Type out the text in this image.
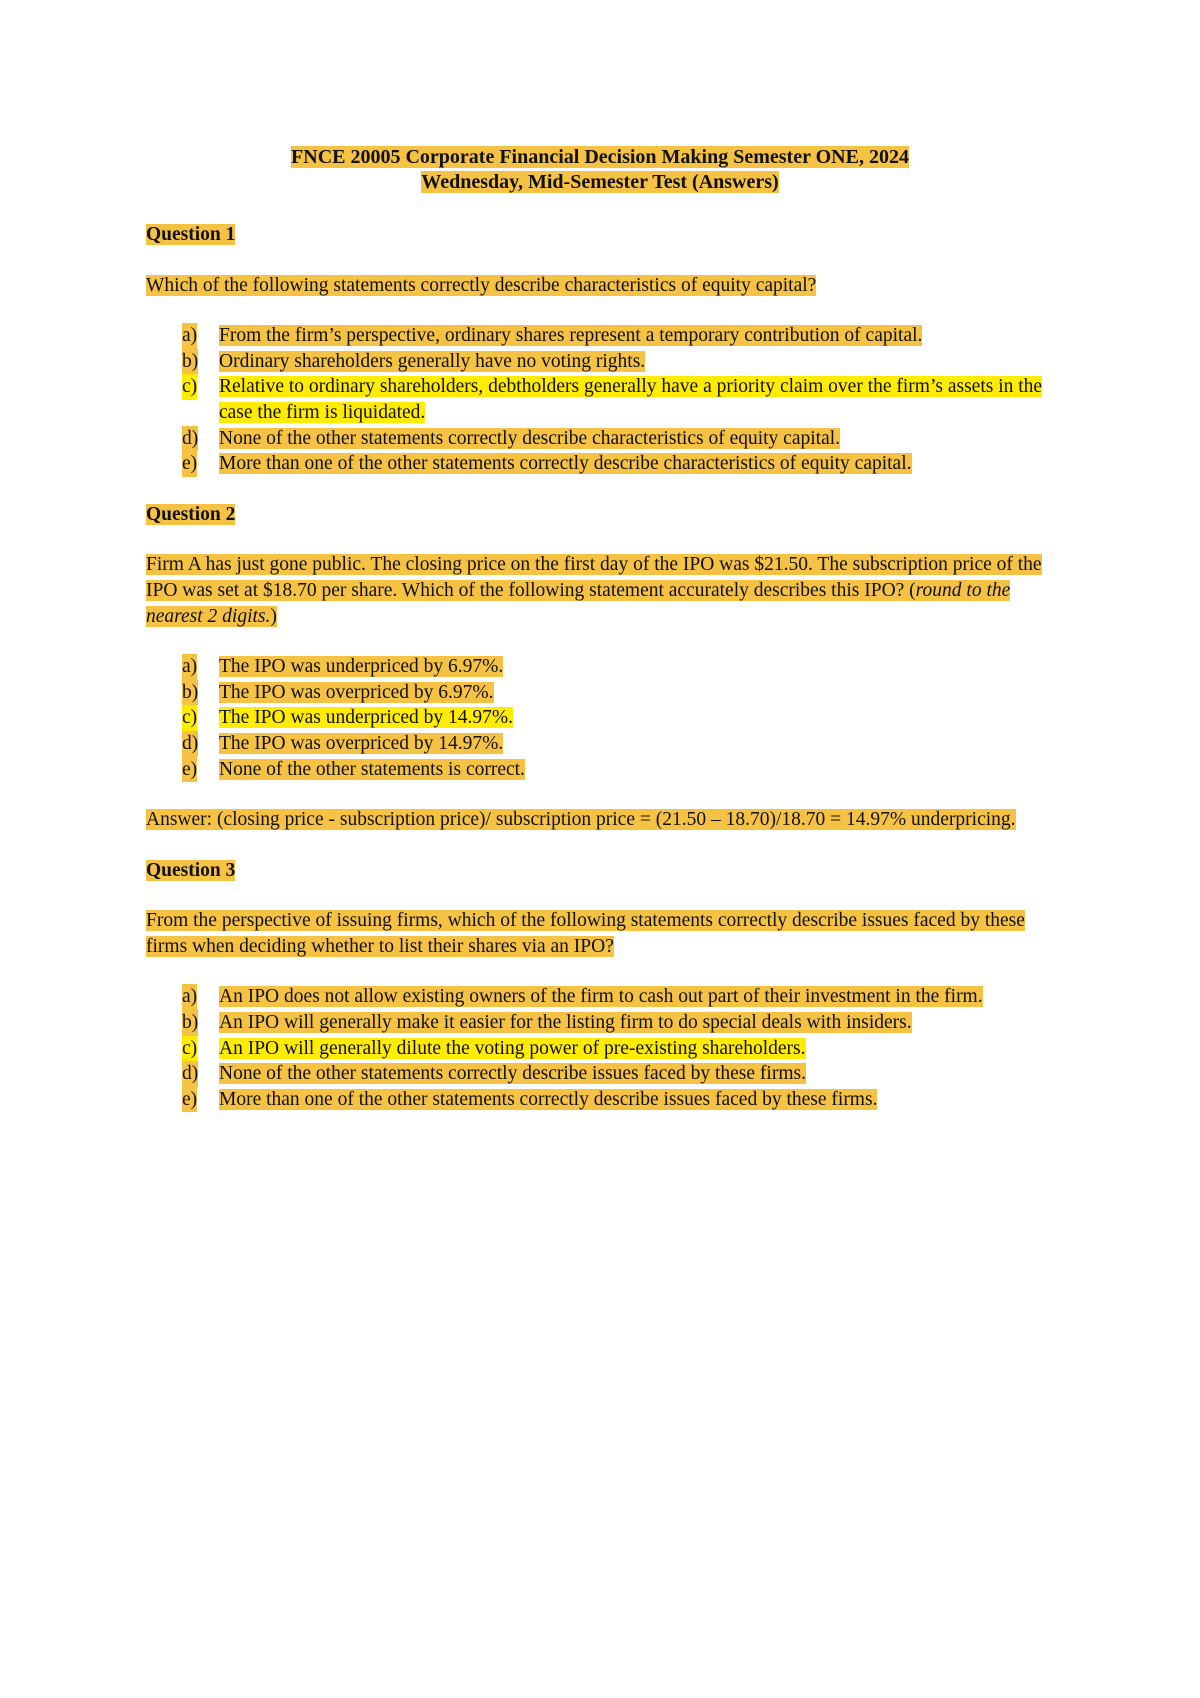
FNCE 20005 Corporate Financial Decision Making Semester ONE, 2024
Wednesday, Mid-Semester Test (Answers)

Question 1

Which of the following statements correctly describe characteristics of equity capital?

a) From the firm’s perspective, ordinary shares represent a temporary contribution of capital.
b) Ordinary shareholders generally have no voting rights.
c) Relative to ordinary shareholders, debtholders generally have a priority claim over the firm’s assets in the case the firm is liquidated.
d) None of the other statements correctly describe characteristics of equity capital.
e) More than one of the other statements correctly describe characteristics of equity capital.

Question 2

Firm A has just gone public. The closing price on the first day of the IPO was $21.50. The subscription price of the IPO was set at $18.70 per share. Which of the following statement accurately describes this IPO? (round to the nearest 2 digits.)

a) The IPO was underpriced by 6.97%.
b) The IPO was overpriced by 6.97%.
c) The IPO was underpriced by 14.97%.
d) The IPO was overpriced by 14.97%.
e) None of the other statements is correct.

Answer: (closing price - subscription price)/ subscription price = (21.50 – 18.70)/18.70 = 14.97% underpricing.

Question 3

From the perspective of issuing firms, which of the following statements correctly describe issues faced by these firms when deciding whether to list their shares via an IPO?

a) An IPO does not allow existing owners of the firm to cash out part of their investment in the firm.
b) An IPO will generally make it easier for the listing firm to do special deals with insiders.
c) An IPO will generally dilute the voting power of pre-existing shareholders.
d) None of the other statements correctly describe issues faced by these firms.
e) More than one of the other statements correctly describe issues faced by these firms.
